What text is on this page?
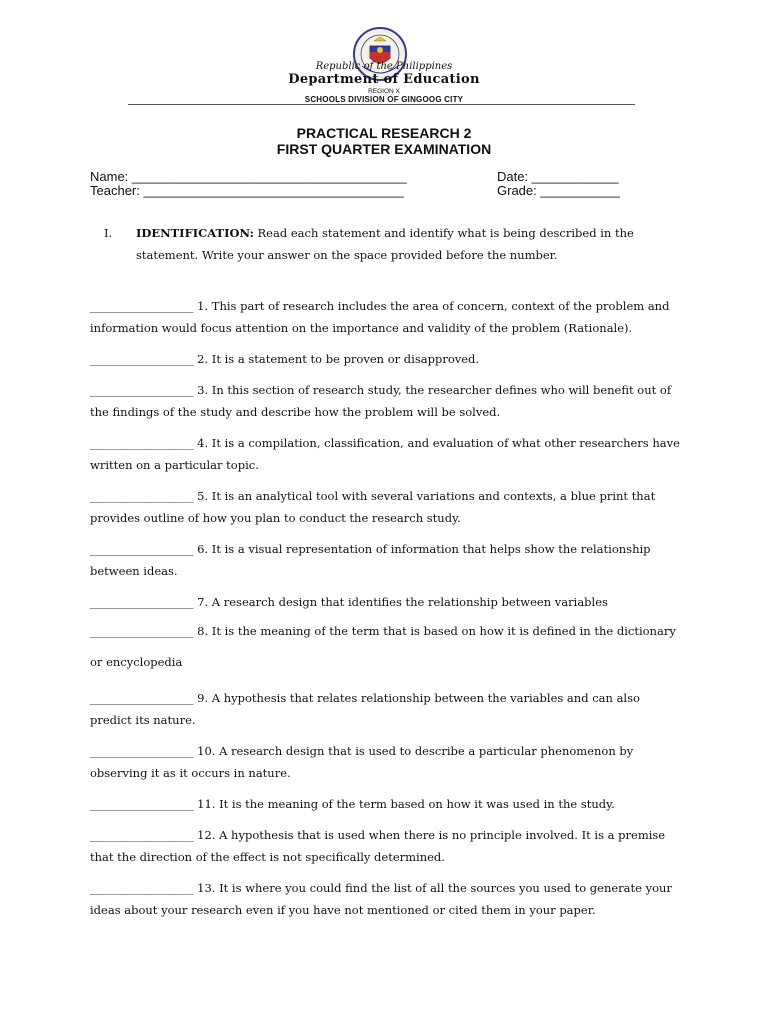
Republic of the Philippines
Department of Education
REGION X
SCHOOLS DIVISION OF GINGOOG CITY
PRACTICAL RESEARCH 2
FIRST QUARTER EXAMINATION
Name: ______________________________________
Teacher: ____________________________________
Date: ____________
Grade: ___________
I. IDENTIFICATION: Read each statement and identify what is being described in the statement. Write your answer on the space provided before the number.

__________________ 1. This part of research includes the area of concern, context of the problem and information would focus attention on the importance and validity of the problem (Rationale).

__________________ 2. It is a statement to be proven or disapproved.

__________________ 3. In this section of research study, the researcher defines who will benefit out of the findings of the study and describe how the problem will be solved.

__________________ 4. It is a compilation, classification, and evaluation of what other researchers have written on a particular topic.

__________________ 5. It is an analytical tool with several variations and contexts, a blue print that provides outline of how you plan to conduct the research study.

__________________ 6. It is a visual representation of information that helps show the relationship between ideas.

__________________ 7. A research design that identifies the relationship between variables

__________________ 8. It is the meaning of the term that is based on how it is defined in the dictionary or encyclopedia

__________________ 9. A hypothesis that relates relationship between the variables and can also predict its nature.

__________________ 10. A research design that is used to describe a particular phenomenon by observing it as it occurs in nature.

__________________ 11. It is the meaning of the term based on how it was used in the study.

__________________ 12. A hypothesis that is used when there is no principle involved. It is a premise that the direction of the effect is not specifically determined.

__________________ 13. It is where you could find the list of all the sources you used to generate your ideas about your research even if you have not mentioned or cited them in your paper.
